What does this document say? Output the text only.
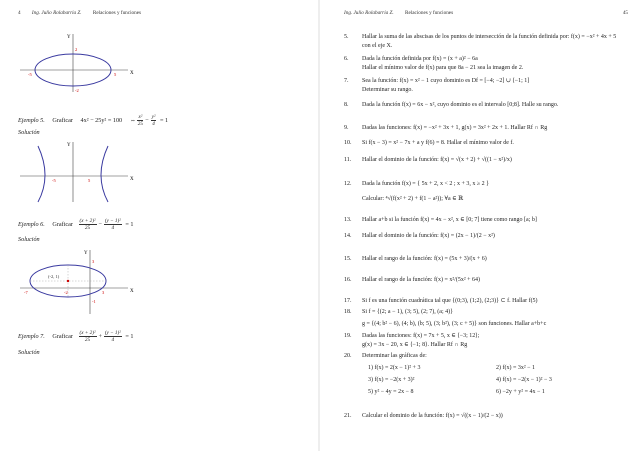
4 Ing. Julio Rolabarria Z. Relaciones y funciones
X
Y
-5	5
2
-2
Ejemplo 5. Graficar 4x² − 25y² = 100 ⇔ $\frac{\text{x²}}{25} - \frac{\text{y²}}{4} = 1$
Solución
X
Y
-5	5
Ejemplo 6. Graficar $\frac{\text{(x + 2)²}}{25} - \frac{\text{(y − 1)²}}{4} = 1$
Solución
X
Y
-7	-2	3
3
-1
(-2, 1)
Ejemplo 7. Graficar $\frac{\text{(x + 2)²}}{25} + \frac{\text{(y − 1)²}}{4} = 1$
Solución
Ing. Julio Rolabarria Z. Relaciones y funciones	45
5. Hallar la suma de las abscisas de los puntos de intersección de la función definida por: f(x) = −x² + 4x + 5 con el eje X.
6. Dada la función definida por f(x) = (x + a)² − 6a
Hallar el mínimo valor de f(x) para que 8a − 21 sea la imagen de 2.
7. Sea la función: f(x) = x² − 1 cuyo dominio es Df = [−4; −2] ∪ ⟨−1; 1]
Determinar su rango.
8. Dada la función f(x) = 6x − x², cuyo dominio es el intervalo [0;8]. Halle su rango.
9. Dadas las funciones: f(x) = −x² + 3x + 1, g(x) = 3x² + 2x + 1. Hallar Rf ∩ Rg
10. Si f(x − 3) = x² − 7x + a y f(6) = 8. Hallar el mínimo valor de f.
11. Hallar el dominio de la función: f(x) = √(x + 2) + √((1 − x²)/x)
12. Dada la función f(x) = { 5x + 2, x < 2 ; x + 3, x ≥ 2 }
Calcular: ⁴√(f(x² + 2) + f(1 − a²)); ∀a ∈ ℝ
13. Hallar a+b si la función f(x) = 4x − x², x ∈ [0; 7] tiene como rango [a; b]
14. Hallar el dominio de la función: f(x) = (2x − 1)/(2 − x²)
15. Hallar el rango de la función: f(x) = (5x + 3)/(x + 6)
16. Hallar el rango de la función: f(x) = x²/(5x² + 64)
17. Si f es una función cuadrática tal que {(0;3), (1;2), (2;3)} ⊂ f. Hallar f(5)
18. Si f = {(2; a − 1), (3; 5), (2; 7), (a; 4)}
g = {(4; b² − 6), (4; b), (b; 5), (3; b²), (3; c + 5)} son funciones. Hallar a+b+c
19. Dadas las funciones: f(x) = 7x + 5, x ∈ ⟨−3; 12⟩;
g(x) = 3x − 20, x ∈ ⟨−1; 8⟩. Hallar Rf ∩ Rg
20. Determinar las gráficas de:
1) f(x) = 2(x − 1)² + 3	2) f(x) = 3x² − 1
3) f(x) = −2(x + 3)²	4) f(x) = −2(x − 1)² − 3
5) y² − 4y = 2x − 8	6) −2y + y² = 4x − 1
21. Calcular el dominio de la función: f(x) = √((x − 1)/(2 − x))
